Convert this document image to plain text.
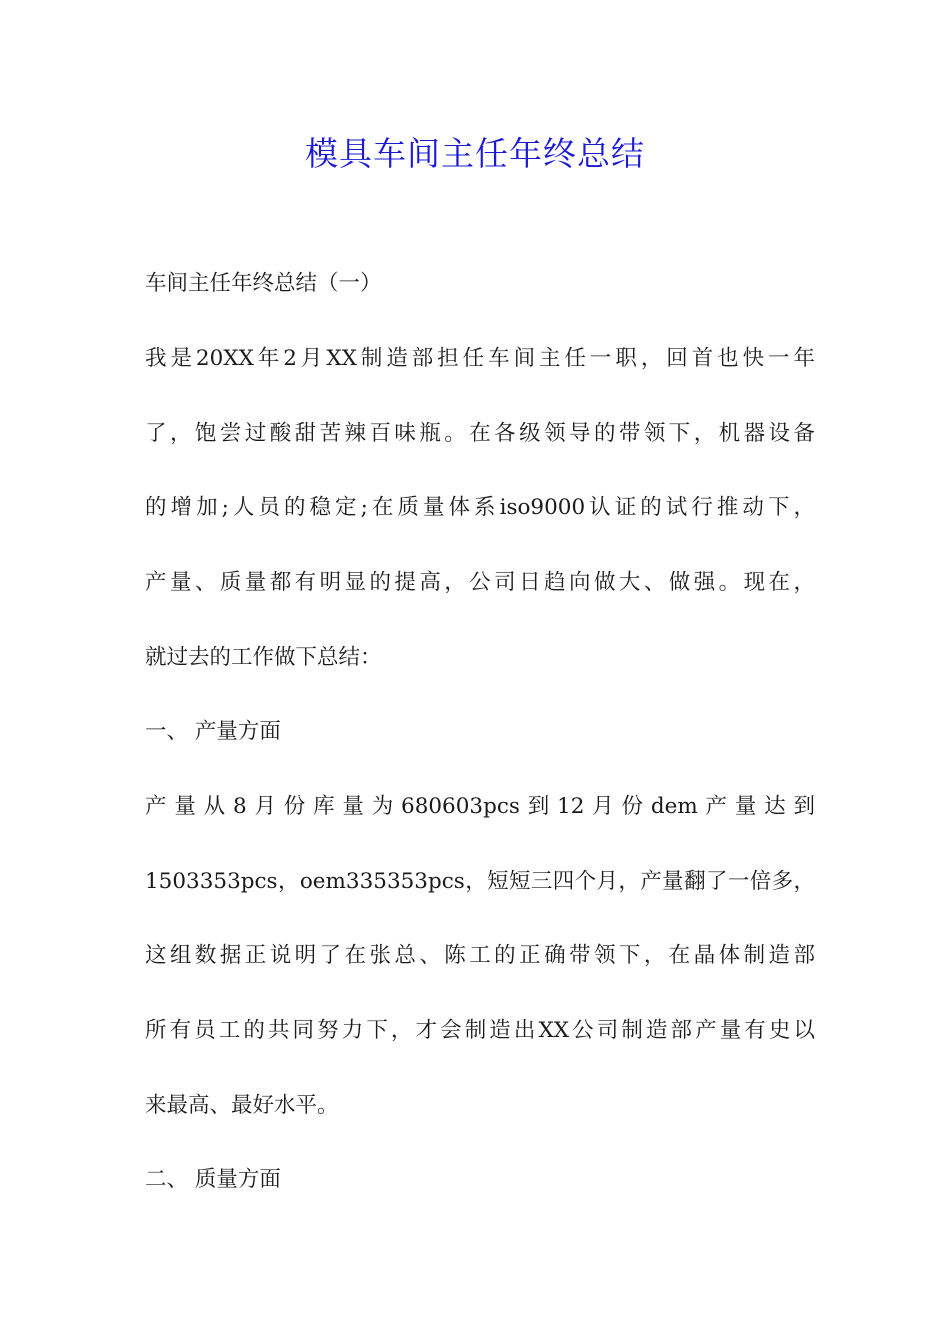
模具车间主任年终总结
车间主任年终总结（一）
我是20XX年2月XX制造部担任车间主任一职，回首也快一年
了，饱尝过酸甜苦辣百味瓶。在各级领导的带领下，机器设备
的增加;人员的稳定;在质量体系iso9000认证的试行推动下，
产量、质量都有明显的提高，公司日趋向做大、做强。现在，
就过去的工作做下总结：
一、 产量方面
产量从8月份库量为680603pcs到12月份dem产量达到
1503353pcs，oem335353pcs，短短三四个月，产量翻了一倍多，
这组数据正说明了在张总、陈工的正确带领下，在晶体制造部
所有员工的共同努力下，才会制造出XX公司制造部产量有史以
来最高、最好水平。
二、 质量方面
